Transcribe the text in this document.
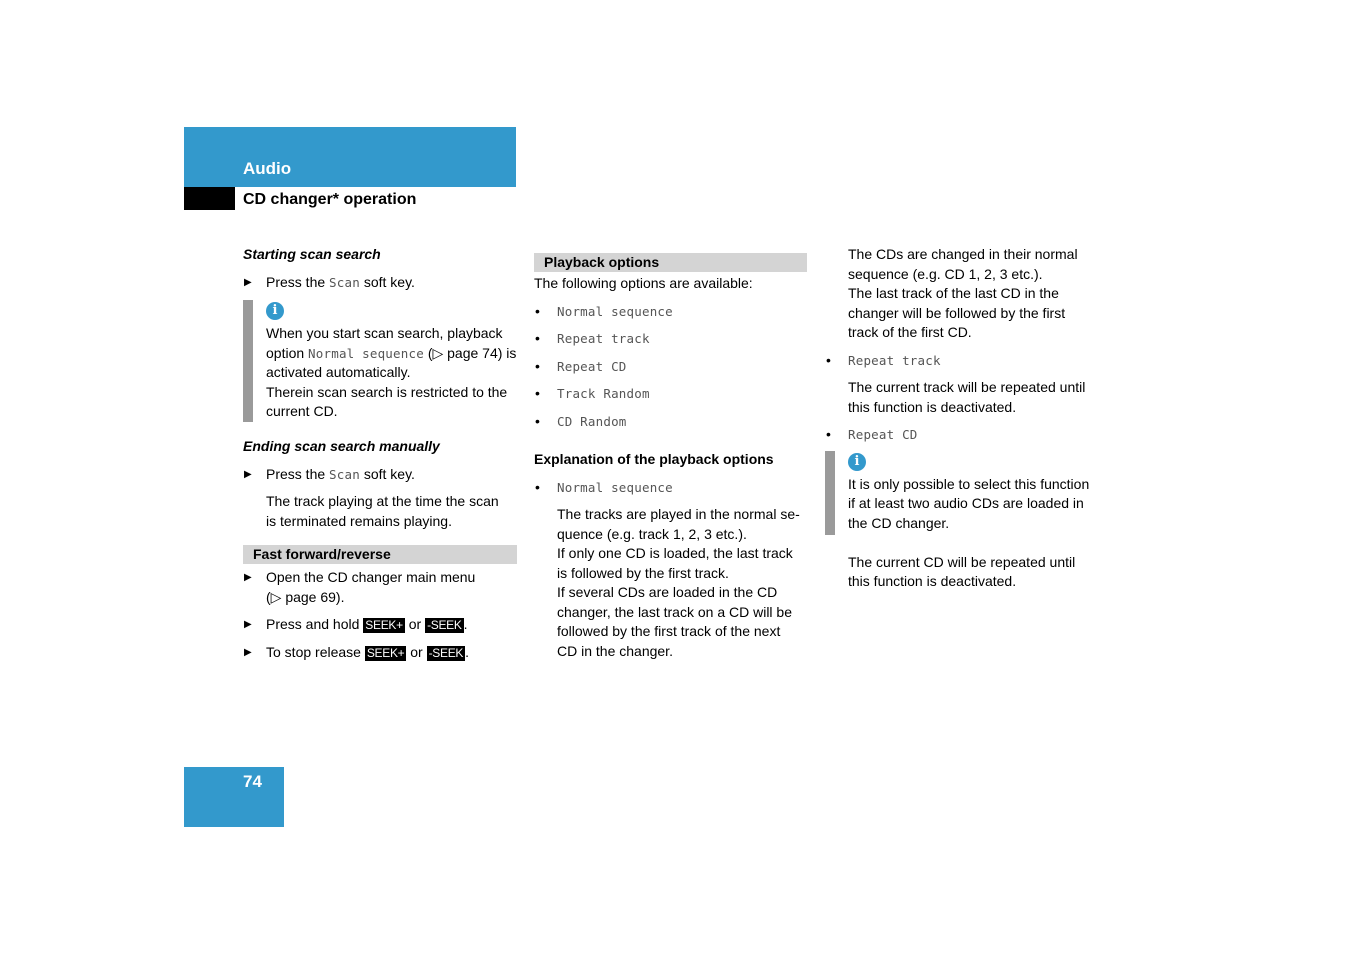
Audio
CD changer* operation

Starting scan search

▶ Press the Scan soft key.

i

When you start scan search, playback

option Normal sequence (▷ page 74) is

activated automatically.

Therein scan search is restricted to the

current CD.

Ending scan search manually

▶ Press the Scan soft key.

The track playing at the time the scan

is terminated remains playing.

Fast forward/reverse

▶ Open the CD changer main menu

(▷ page 69).

▶ Press and hold SEEK+ or -SEEK .

▶ To stop release SEEK+ or -SEEK .

Playback options

The following options are available:

• Normal sequence

• Repeat track

• Repeat CD

• Track Random

• CD Random

Explanation of the playback options

• Normal sequence

The tracks are played in the normal se-

quence (e.g. track 1, 2, 3 etc.).

If only one CD is loaded, the last track

is followed by the first track.

If several CDs are loaded in the CD

changer, the last track on a CD will be

followed by the first track of the next

CD in the changer.

The CDs are changed in their normal

sequence (e.g. CD 1, 2, 3 etc.).

The last track of the last CD in the

changer will be followed by the first

track of the first CD.

• Repeat track

The current track will be repeated until

this function is deactivated.

• Repeat CD

i

It is only possible to select this function

if at least two audio CDs are loaded in

the CD changer.

The current CD will be repeated until

this function is deactivated.

74
